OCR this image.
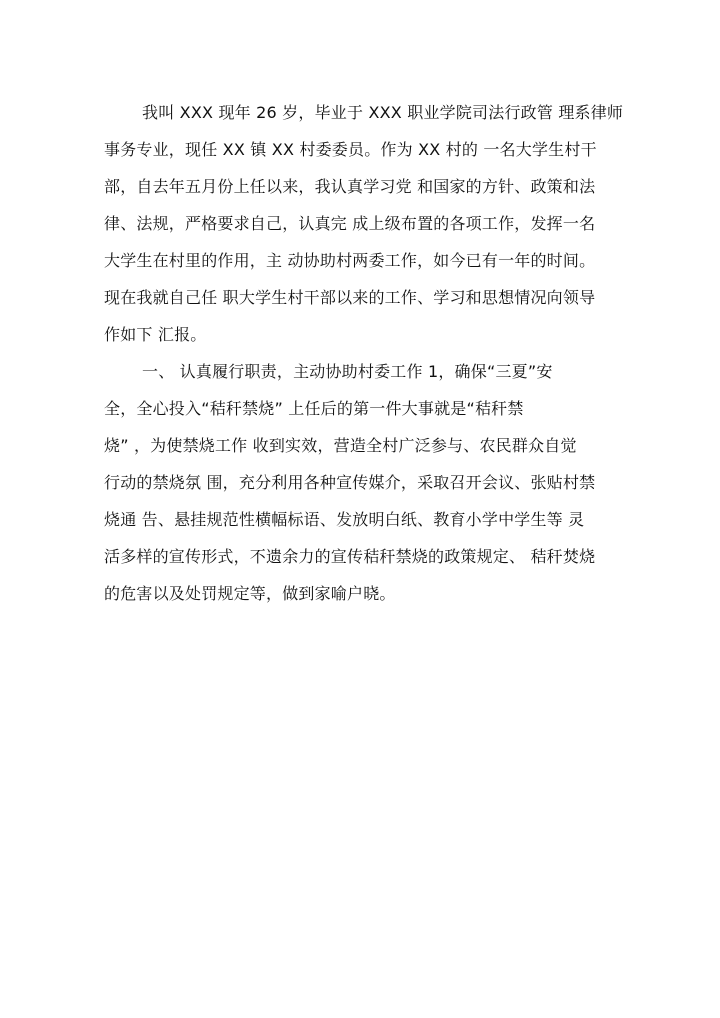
我叫 XXX 现年 26 岁，毕业于 XXX 职业学院司法行政管 理系律师
事务专业，现任 XX 镇 XX 村委委员。作为 XX 村的 一名大学生村干
部，自去年五月份上任以来，我认真学习党 和国家的方针、政策和法
律、法规，严格要求自己，认真完 成上级布置的各项工作，发挥一名
大学生在村里的作用，主 动协助村两委工作，如今已有一年的时间。
现在我就自己任 职大学生村干部以来的工作、学习和思想情况向领导
作如下 汇报。
一、 认真履行职责，主动协助村委工作 1，确保“三夏”安
全，全心投入“秸秆禁烧” 上任后的第一件大事就是“秸秆禁
烧” ，为使禁烧工作 收到实效，营造全村广泛参与、农民群众自觉
行动的禁烧氛 围，充分利用各种宣传媒介，采取召开会议、张贴村禁
烧通 告、悬挂规范性横幅标语、发放明白纸、教育小学中学生等 灵
活多样的宣传形式，不遗余力的宣传秸秆禁烧的政策规定、 秸秆焚烧
的危害以及处罚规定等，做到家喻户晓。
